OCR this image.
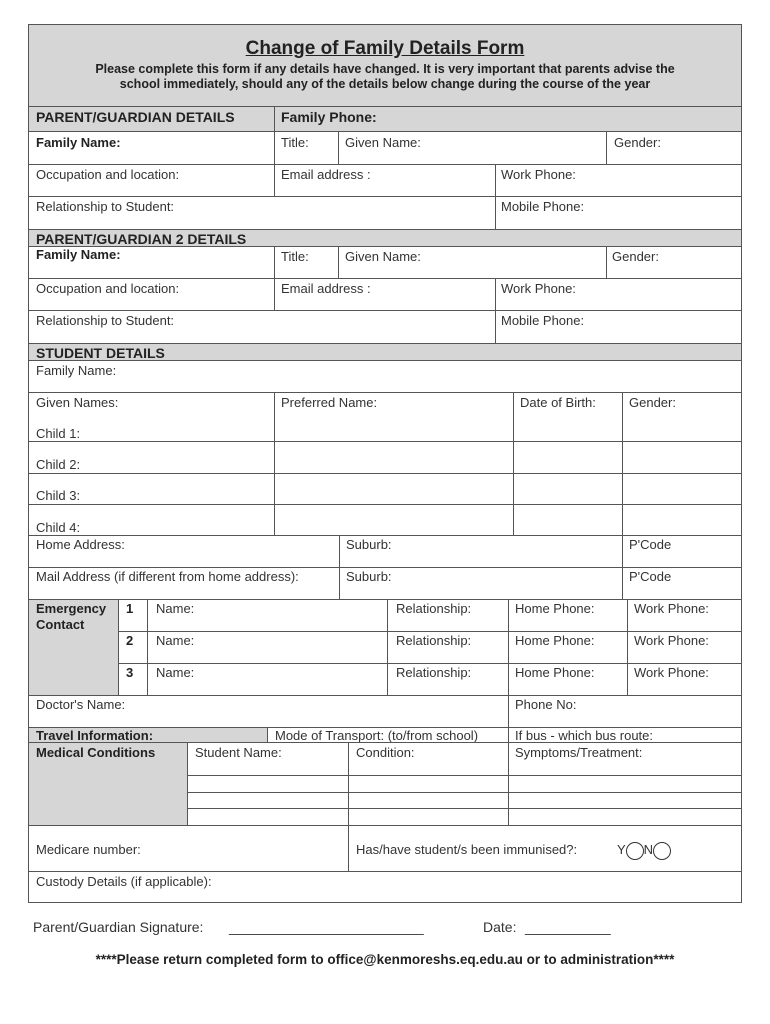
Change of Family Details Form
Please complete this form if any details have changed. It is very important that parents advise the
school immediately, should any of the details below change during the course of the year
PARENT/GUARDIAN DETAILS	Family Phone:
Family Name:	Title:	Given Name:	Gender:
Occupation and location:	Email address :	Work Phone:
Relationship to Student:	Mobile Phone:
PARENT/GUARDIAN 2 DETAILS
Family Name:	Title:	Given Name:	Gender:
Occupation and location:	Email address :	Work Phone:
Relationship to Student:	Mobile Phone:
STUDENT DETAILS
Family Name:
Given Names:	Preferred Name:	Date of Birth:	Gender:
Child 1:
Child 2:
Child 3:
Child 4:
Home Address:	Suburb:	P'Code
Mail Address (if different from home address):	Suburb:	P'Code
Emergency
Contact
1 Name:	Relationship:	Home Phone:	Work Phone:
2 Name:	Relationship:	Home Phone:	Work Phone:
3 Name:	Relationship:	Home Phone:	Work Phone:
Doctor's Name:	Phone No:
Travel Information:	Mode of Transport: (to/from school)	If bus - which bus route:
Medical Conditions	Student Name:	Condition:	Symptoms/Treatment:
Medicare number:	Has/have student/s been immunised?:	Y N
Custody Details (if applicable):
Parent/Guardian Signature: _________________________	Date: ___________
****Please return completed form to office@kenmoreshs.eq.edu.au or to administration****
